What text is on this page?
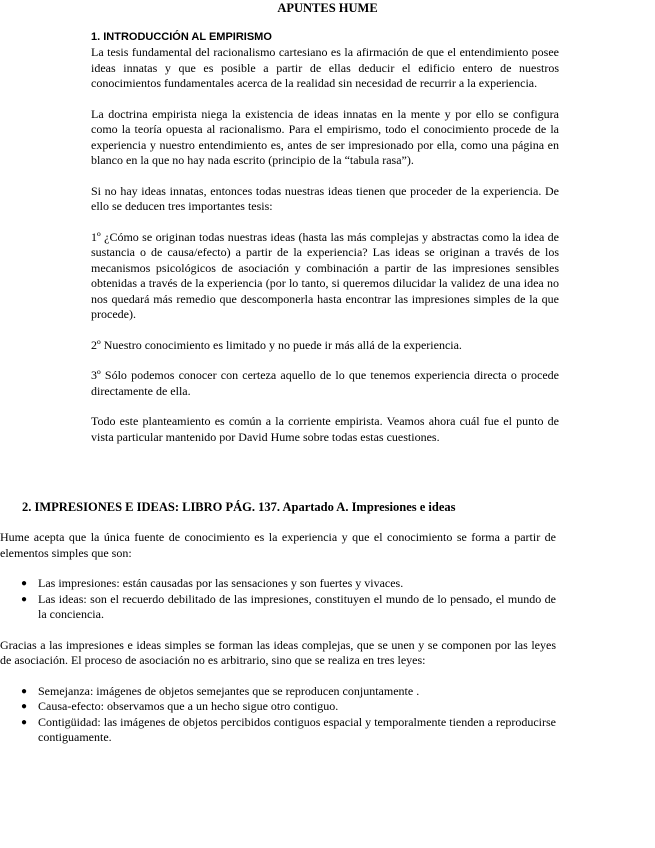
APUNTES HUME

1. INTRODUCCIÓN AL EMPIRISMO

La tesis fundamental del racionalismo cartesiano es la afirmación de que el entendimiento posee ideas innatas y que es posible a partir de ellas deducir el edificio entero de nuestros conocimientos fundamentales acerca de la realidad sin necesidad de recurrir a la experiencia.

La doctrina empirista niega la existencia de ideas innatas en la mente y por ello se configura como la teoría opuesta al racionalismo. Para el empirismo, todo el conocimiento procede de la experiencia y nuestro entendimiento es, antes de ser impresionado por ella, como una página en blanco en la que no hay nada escrito (principio de la “tabula rasa”).

Si no hay ideas innatas, entonces todas nuestras ideas tienen que proceder de la experiencia. De ello se deducen tres importantes tesis:

1º ¿Cómo se originan todas nuestras ideas (hasta las más complejas y abstractas como la idea de sustancia o de causa/efecto) a partir de la experiencia? Las ideas se originan a través de los mecanismos psicológicos de asociación y combinación a partir de las impresiones sensibles obtenidas a través de la experiencia (por lo tanto, si queremos dilucidar la validez de una idea no nos quedará más remedio que descomponerla hasta encontrar las impresiones simples de la que procede).

2º Nuestro conocimiento es limitado y no puede ir más allá de la experiencia.

3º Sólo podemos conocer con certeza aquello de lo que tenemos experiencia directa o procede directamente de ella.

Todo este planteamiento es común a la corriente empirista. Veamos ahora cuál fue el punto de vista particular mantenido por David Hume sobre todas estas cuestiones.

2. IMPRESIONES E IDEAS: LIBRO PÁG. 137. Apartado A. Impresiones e ideas

Hume acepta que la única fuente de conocimiento es la experiencia y que el conocimiento se forma a partir de elementos simples que son:

● Las impresiones: están causadas por las sensaciones y son fuertes y vivaces.
● Las ideas: son el recuerdo debilitado de las impresiones, constituyen el mundo de lo pensado, el mundo de la conciencia.

Gracias a las impresiones e ideas simples se forman las ideas complejas, que se unen y se componen por las leyes de asociación. El proceso de asociación no es arbitrario, sino que se realiza en tres leyes:

● Semejanza: imágenes de objetos semejantes que se reproducen conjuntamente .
● Causa-efecto: observamos que a un hecho sigue otro contiguo.
● Contigüidad: las imágenes de objetos percibidos contiguos espacial y temporalmente tienden a reproducirse contiguamente.
